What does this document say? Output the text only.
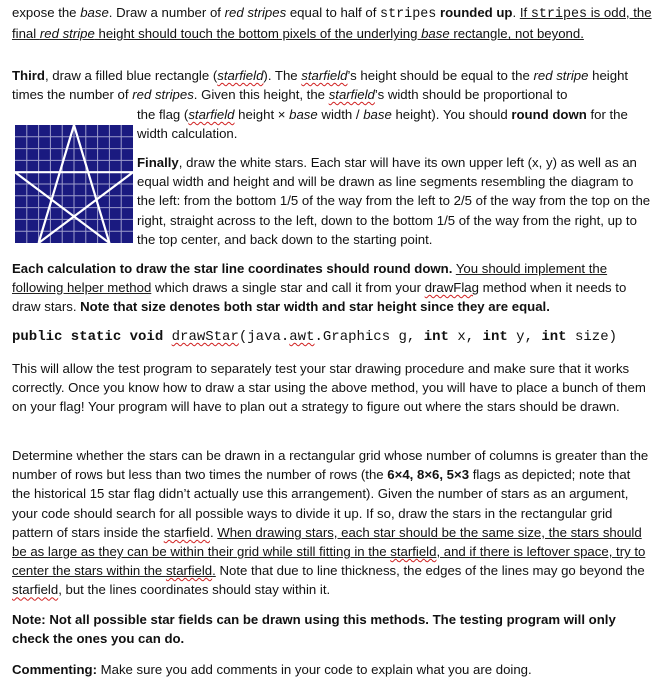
expose the base. Draw a number of red stripes equal to half of stripes rounded up. If stripes is odd, the final red stripe height should touch the bottom pixels of the underlying base rectangle, not beyond.

Third, draw a filled blue rectangle (starfield). The starfield’s height should be equal to the red stripe height times the number of red stripes. Given this height, the starfield’s width should be proportional to

the flag (starfield height × base width / base height). You should round down for the width calculation.

Finally, draw the white stars. Each star will have its own upper left (x, y) as well as an equal width and height and will be drawn as line segments resembling the diagram to the left: from the bottom 1/5 of the way from the left to 2/5 of the way from the top on the right, straight across to the left, down to the bottom 1/5 of the way from the right, up to the top center, and back down to the starting point.

Each calculation to draw the star line coordinates should round down. You should implement the following helper method which draws a single star and call it from your drawFlag method when it needs to draw stars. Note that size denotes both star width and star height since they are equal.

public static void drawStar(java.awt.Graphics g, int x, int y, int size)

This will allow the test program to separately test your star drawing procedure and make sure that it works correctly. Once you know how to draw a star using the above method, you will have to place a bunch of them on your flag! Your program will have to plan out a strategy to figure out where the stars should be drawn.

Determine whether the stars can be drawn in a rectangular grid whose number of columns is greater than the number of rows but less than two times the number of rows (the 6×4, 8×6, 5×3 flags as depicted; note that the historical 15 star flag didn’t actually use this arrangement). Given the number of stars as an argument, your code should search for all possible ways to divide it up. If so, draw the stars in the rectangular grid pattern of stars inside the starfield. When drawing stars, each star should be the same size, the stars should be as large as they can be within their grid while still fitting in the starfield, and if there is leftover space, try to center the stars within the starfield. Note that due to line thickness, the edges of the lines may go beyond the starfield, but the lines coordinates should stay within it.

Note: Not all possible star fields can be drawn using this methods. The testing program will only check the ones you can do.

Commenting: Make sure you add comments in your code to explain what you are doing.
